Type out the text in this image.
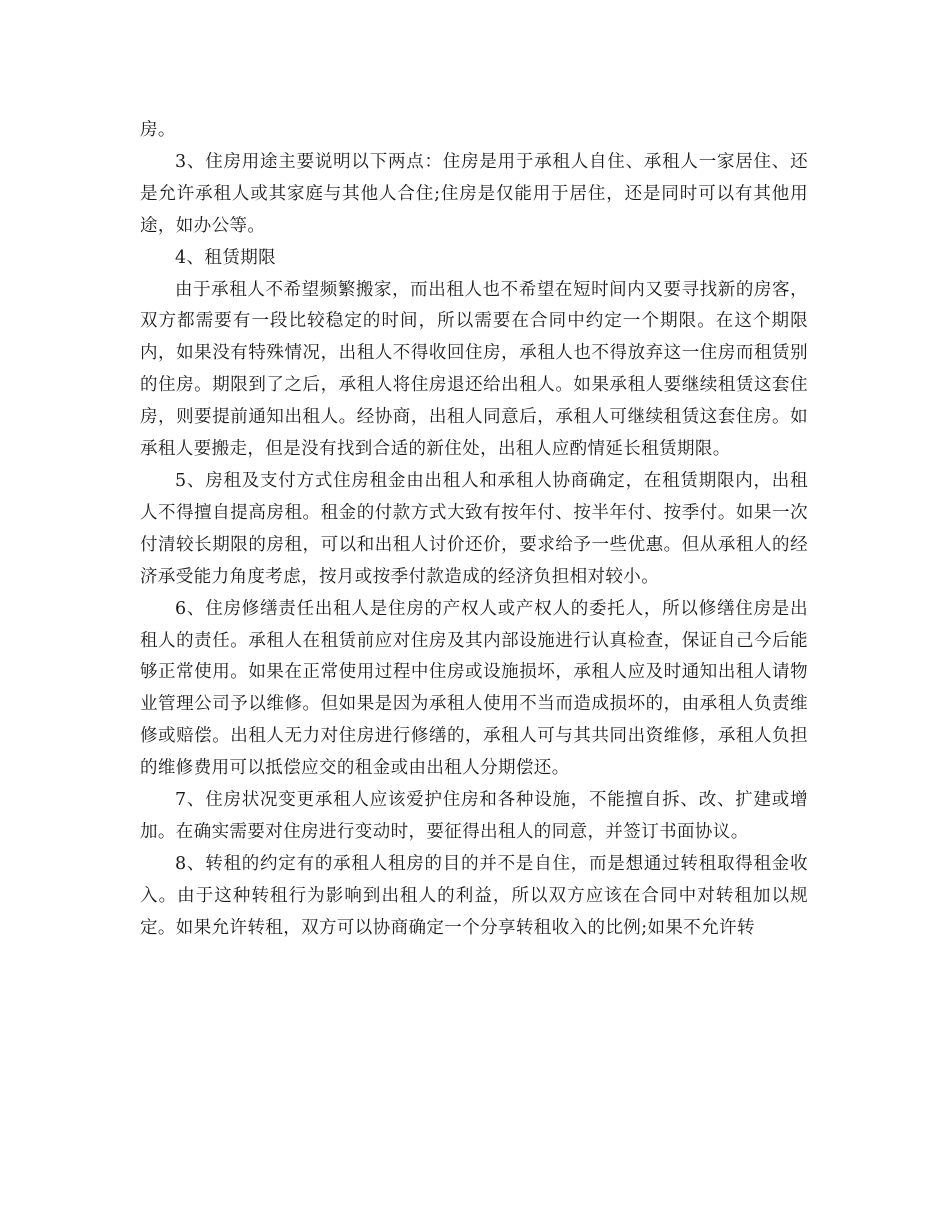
房。

3、住房用途主要说明以下两点：住房是用于承租人自住、承租人一家居住、还是允许承租人或其家庭与其他人合住;住房是仅能用于居住，还是同时可以有其他用途，如办公等。

4、租赁期限

由于承租人不希望频繁搬家，而出租人也不希望在短时间内又要寻找新的房客，双方都需要有一段比较稳定的时间，所以需要在合同中约定一个期限。在这个期限内，如果没有特殊情况，出租人不得收回住房，承租人也不得放弃这一住房而租赁别的住房。期限到了之后，承租人将住房退还给出租人。如果承租人要继续租赁这套住房，则要提前通知出租人。经协商，出租人同意后，承租人可继续租赁这套住房。如承租人要搬走，但是没有找到合适的新住处，出租人应酌情延长租赁期限。

5、房租及支付方式住房租金由出租人和承租人协商确定，在租赁期限内，出租人不得擅自提高房租。租金的付款方式大致有按年付、按半年付、按季付。如果一次付清较长期限的房租，可以和出租人讨价还价，要求给予一些优惠。但从承租人的经济承受能力角度考虑，按月或按季付款造成的经济负担相对较小。

6、住房修缮责任出租人是住房的产权人或产权人的委托人，所以修缮住房是出租人的责任。承租人在租赁前应对住房及其内部设施进行认真检查，保证自己今后能够正常使用。如果在正常使用过程中住房或设施损坏，承租人应及时通知出租人请物业管理公司予以维修。但如果是因为承租人使用不当而造成损坏的，由承租人负责维修或赔偿。出租人无力对住房进行修缮的，承租人可与其共同出资维修，承租人负担的维修费用可以抵偿应交的租金或由出租人分期偿还。

7、住房状况变更承租人应该爱护住房和各种设施，不能擅自拆、改、扩建或增加。在确实需要对住房进行变动时，要征得出租人的同意，并签订书面协议。

8、转租的约定有的承租人租房的目的并不是自住，而是想通过转租取得租金收入。由于这种转租行为影响到出租人的利益，所以双方应该在合同中对转租加以规定。如果允许转租，双方可以协商确定一个分享转租收入的比例;如果不允许转
